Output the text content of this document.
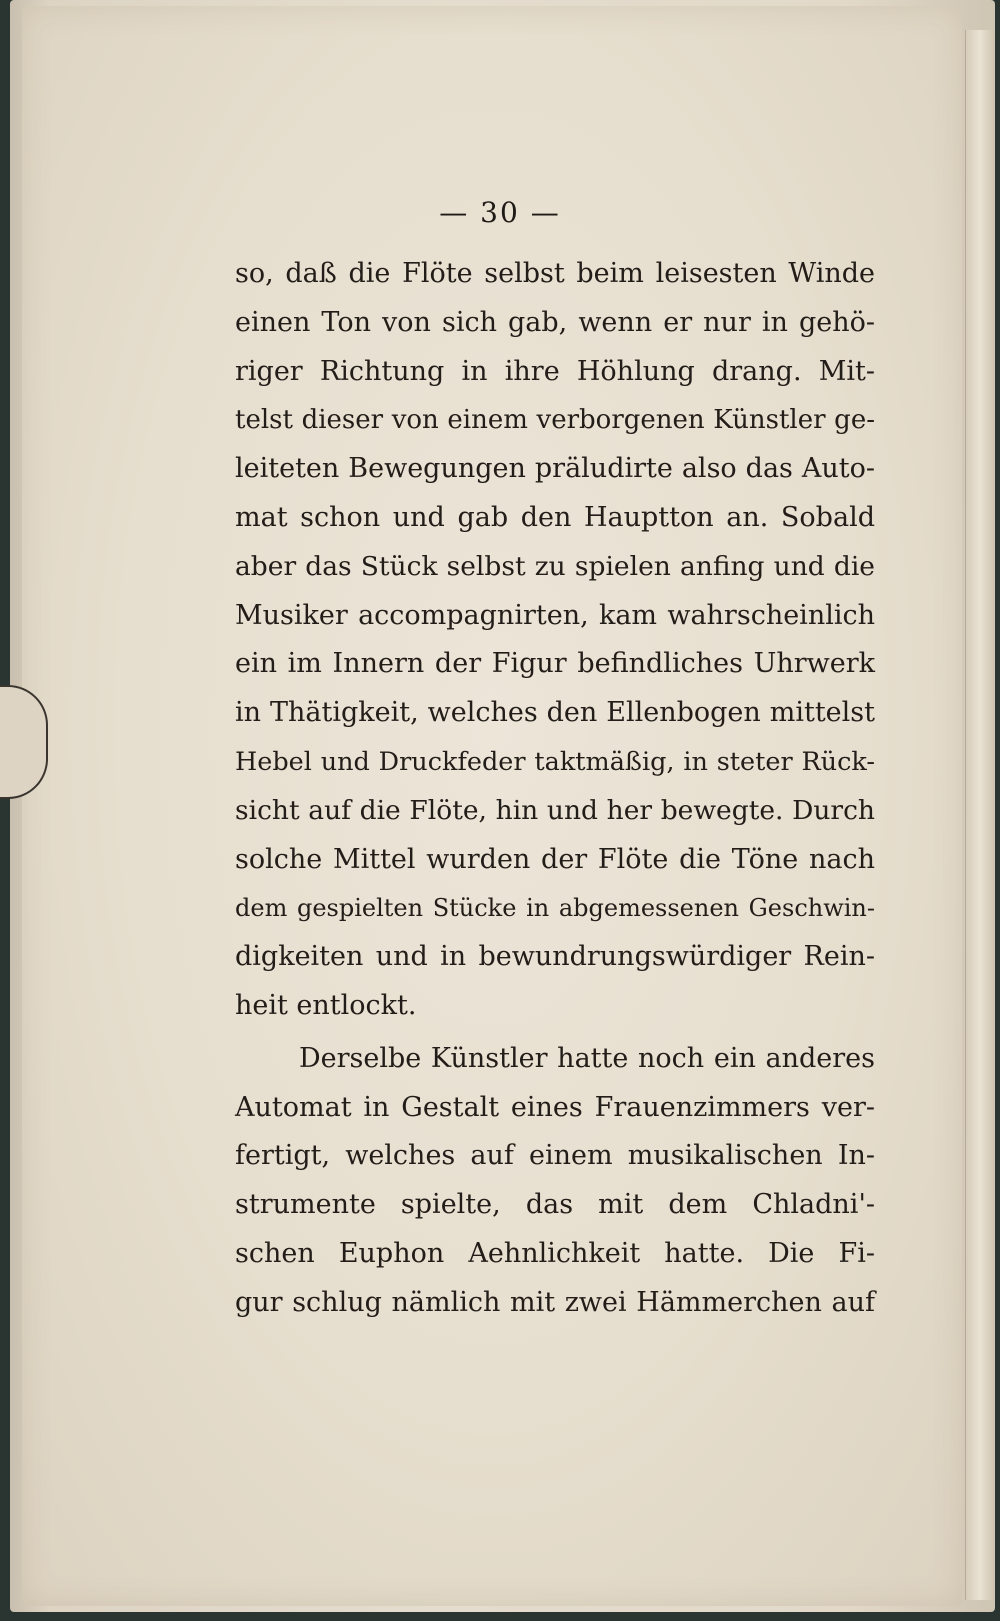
— 30 —
so, daß die Flöte selbst beim leisesten Winde
einen Ton von sich gab, wenn er nur in gehö-
riger Richtung in ihre Höhlung drang. Mit-
telst dieser von einem verborgenen Künstler ge-
leiteten Bewegungen präludirte also das Auto-
mat schon und gab den Hauptton an. Sobald
aber das Stück selbst zu spielen anfing und die
Musiker accompagnirten, kam wahrscheinlich
ein im Innern der Figur befindliches Uhrwerk
in Thätigkeit, welches den Ellenbogen mittelst
Hebel und Druckfeder taktmäßig, in steter Rück-
sicht auf die Flöte, hin und her bewegte. Durch
solche Mittel wurden der Flöte die Töne nach
dem gespielten Stücke in abgemessenen Geschwin-
digkeiten und in bewundrungswürdiger Rein-
heit entlockt.
Derselbe Künstler hatte noch ein anderes
Automat in Gestalt eines Frauenzimmers ver-
fertigt, welches auf einem musikalischen In-
strumente spielte, das mit dem Chladni'-
schen Euphon Aehnlichkeit hatte. Die Fi-
gur schlug nämlich mit zwei Hämmerchen auf
